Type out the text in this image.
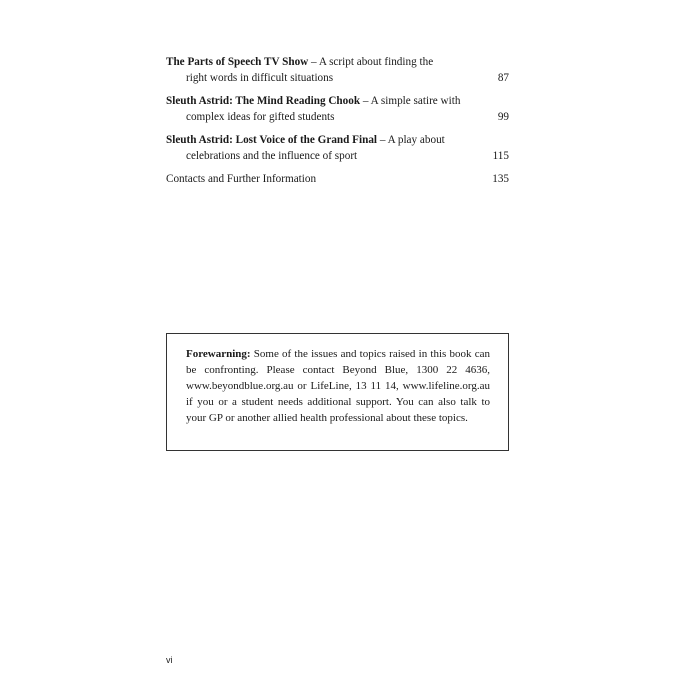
The Parts of Speech TV Show – A script about finding the
right words in difficult situations	87
Sleuth Astrid: The Mind Reading Chook – A simple satire with
complex ideas for gifted students	99
Sleuth Astrid: Lost Voice of the Grand Final – A play about
celebrations and the influence of sport	115
Contacts and Further Information	135
Forewarning: Some of the issues and topics raised in this book can be confronting. Please contact Beyond Blue, 1300 22 4636, www.beyondblue.org.au or LifeLine, 13 11 14, www.lifeline.org.au if you or a student needs additional support. You can also talk to your GP or another allied health professional about these topics.
vi
